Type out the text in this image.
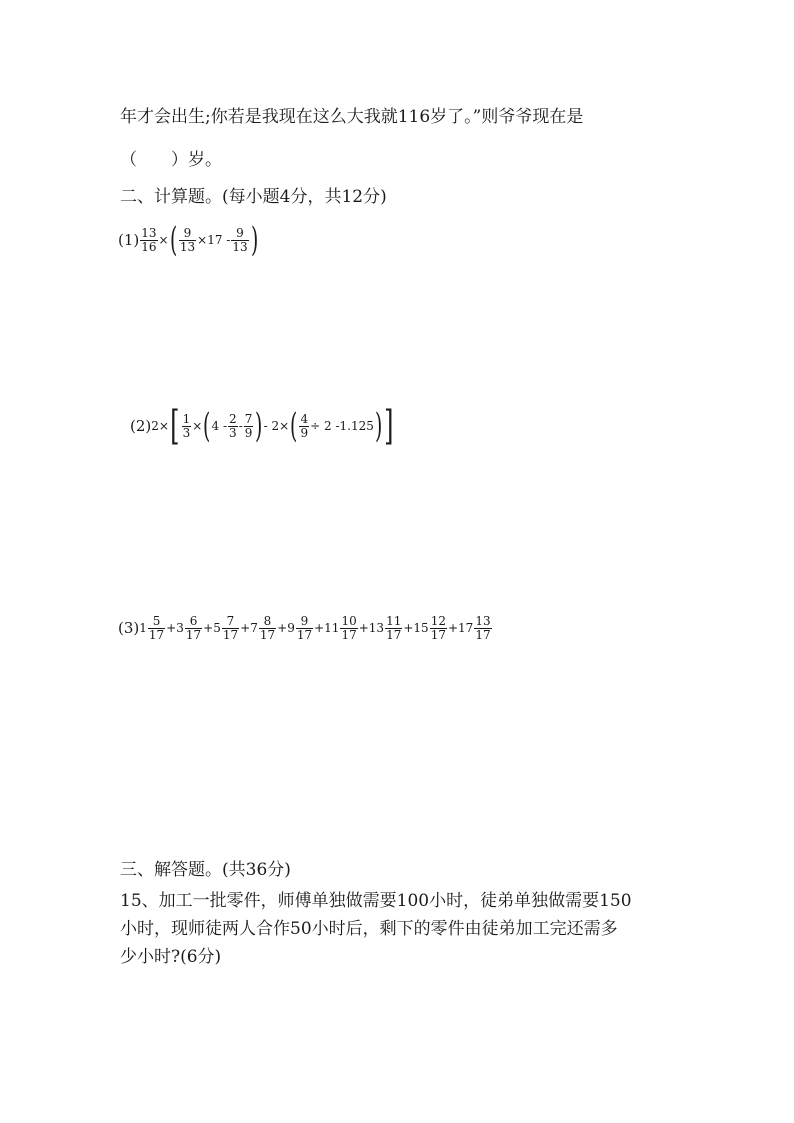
年才会出生;你若是我现在这么大我就116岁了。”则爷爷现在是
（　　）岁。
二、计算题。(每小题4分，共12分)
$(1) \frac{13}{16}$ × ( $\frac{9}{13} \times 17 - \frac{9}{13}$ )
(2) 2× [ $\frac{1}{3}$ × ( $4 - \frac{2}{3} - \frac{7}{9}$ ) - 2× ( $\frac{4}{9} \div 2$ -1.125 ) ]
(3) $1 \frac{5}{17} + 3 \frac{6}{17} + 5 \frac{7}{17} + 7 \frac{8}{17} + 9 \frac{9}{17} + 11 \frac{10}{17} + 13 \frac{11}{17} + 15 \frac{12}{17} + 17 \frac{13}{17}$
三、解答题。(共36分)
15、加工一批零件，师傅单独做需要100小时，徒弟单独做需要150
小时，现师徒两人合作50小时后，剩下的零件由徒弟加工完还需多
少小时?(6分)
